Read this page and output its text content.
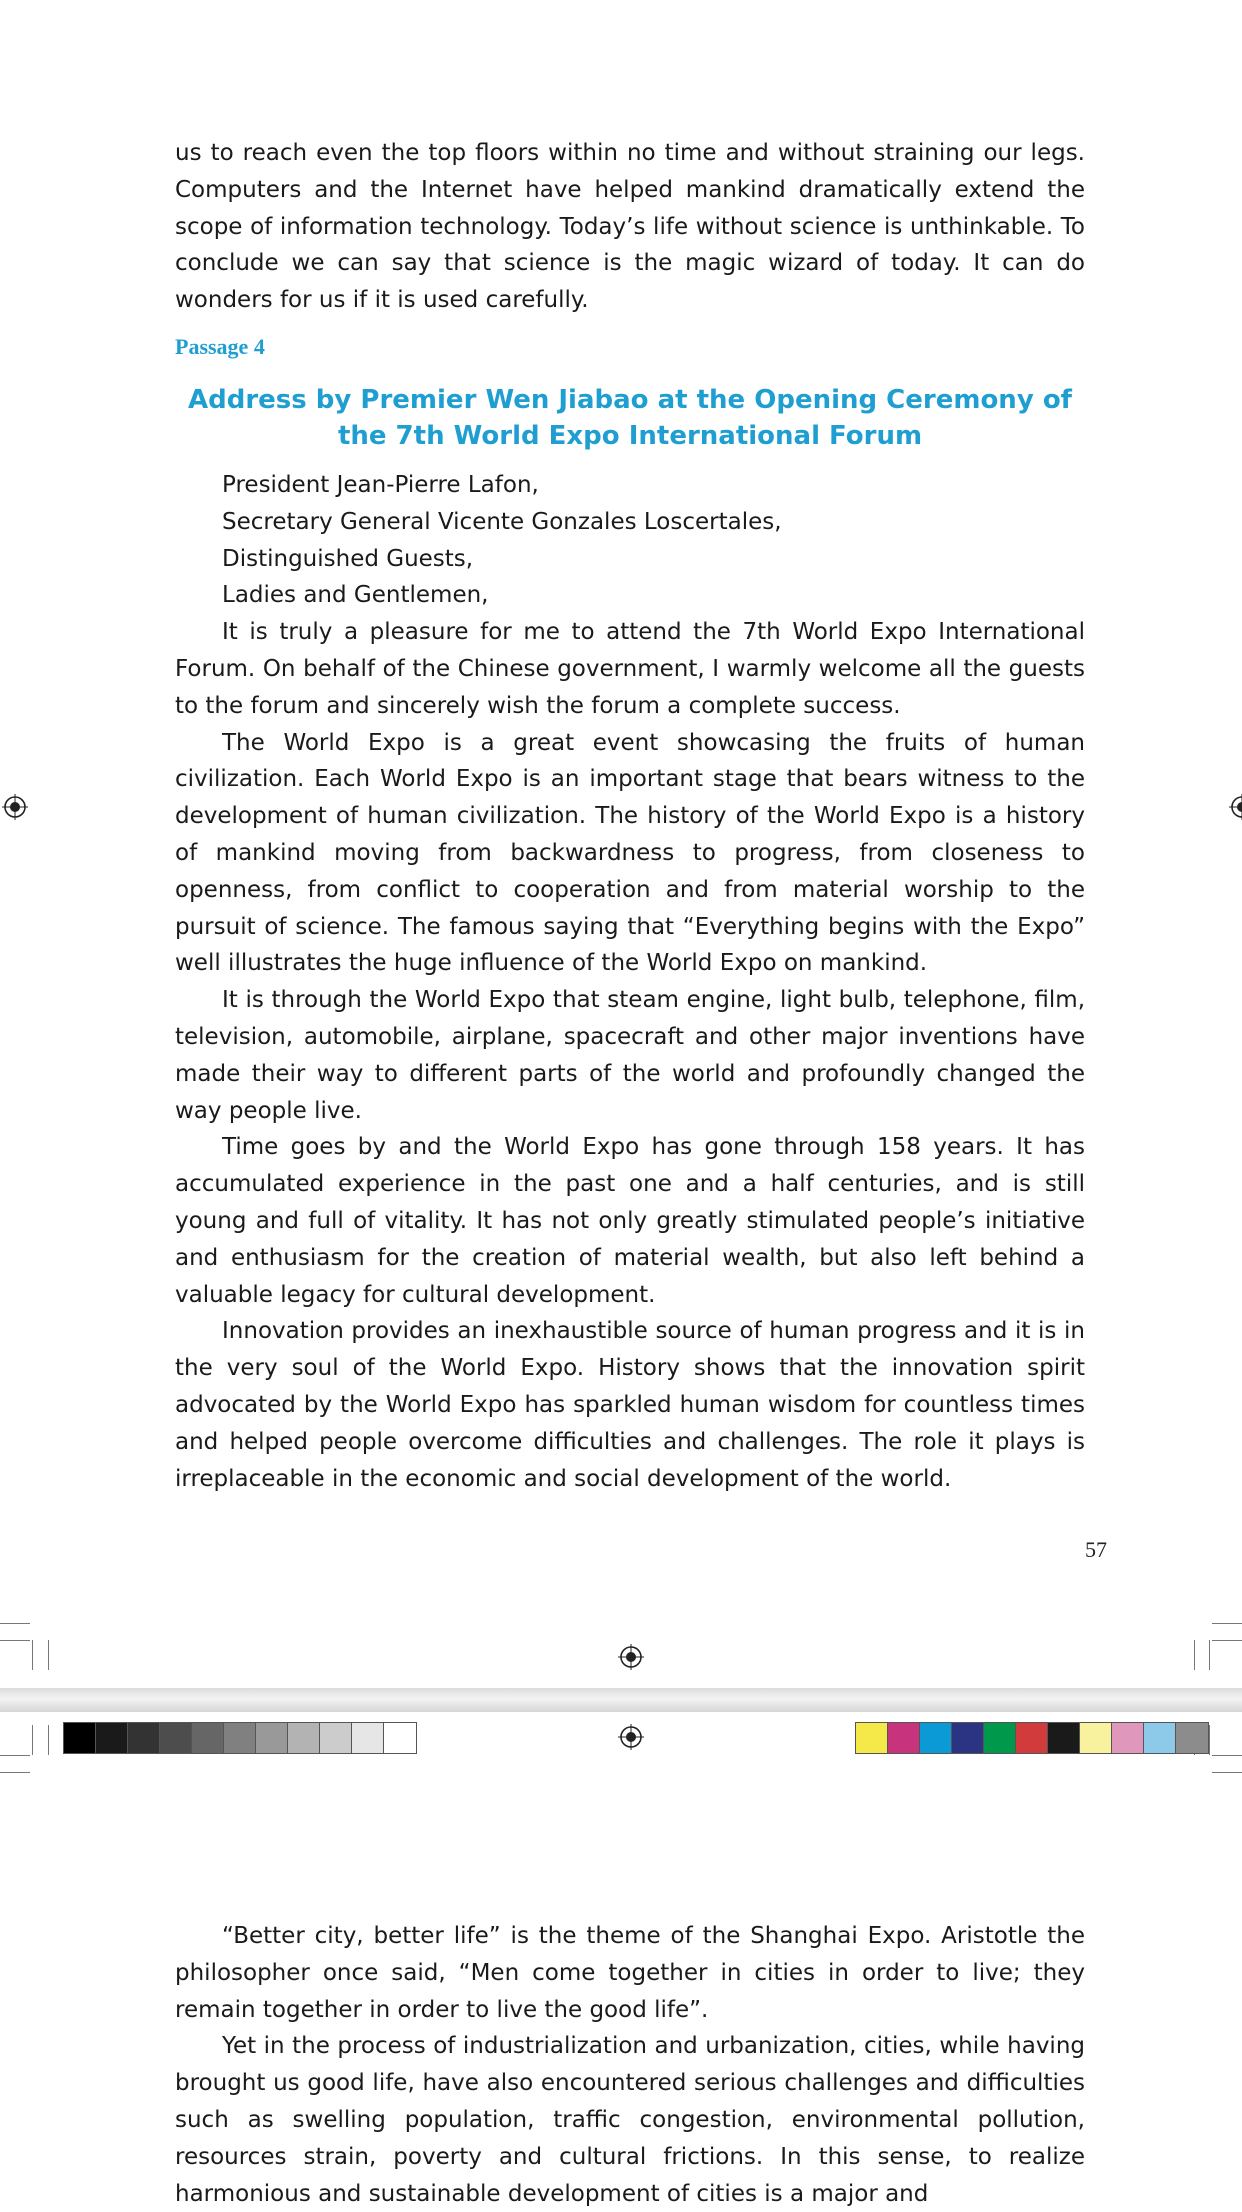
us to reach even the top floors within no time and without straining our legs. Computers and the Internet have helped mankind dramatically extend the scope of information technology. Today’s life without science is unthinkable. To conclude we can say that science is the magic wizard of today. It can do wonders for us if it is used carefully.

Passage 4

Address by Premier Wen Jiabao at the Opening Ceremony of
the 7th World Expo International Forum

President Jean-Pierre Lafon,

Secretary General Vicente Gonzales Loscertales,

Distinguished Guests,

Ladies and Gentlemen,

It is truly a pleasure for me to attend the 7th World Expo International Forum. On behalf of the Chinese government, I warmly welcome all the guests to the forum and sincerely wish the forum a complete success.

The World Expo is a great event showcasing the fruits of human civilization. Each World Expo is an important stage that bears witness to the development of human civilization. The history of the World Expo is a history of mankind moving from backwardness to progress, from closeness to openness, from conflict to cooperation and from material worship to the pursuit of science. The famous saying that “Everything begins with the Expo” well illustrates the huge influence of the World Expo on mankind.

It is through the World Expo that steam engine, light bulb, telephone, film, television, automobile, airplane, spacecraft and other major inventions have made their way to different parts of the world and profoundly changed the way people live.

Time goes by and the World Expo has gone through 158 years. It has accumulated experience in the past one and a half centuries, and is still young and full of vitality. It has not only greatly stimulated people’s initiative and enthusiasm for the creation of material wealth, but also left behind a valuable legacy for cultural development.

Innovation provides an inexhaustible source of human progress and it is in the very soul of the World Expo. History shows that the innovation spirit advocated by the World Expo has sparkled human wisdom for countless times and helped people overcome difficulties and challenges. The role it plays is irreplaceable in the economic and social development of the world.

57

“Better city, better life” is the theme of the Shanghai Expo. Aristotle the philosopher once said, “Men come together in cities in order to live; they remain together in order to live the good life”.

Yet in the process of industrialization and urbanization, cities, while having brought us good life, have also encountered serious challenges and difficulties such as swelling population, traffic congestion, environmental pollution, resources strain, poverty and cultural frictions. In this sense, to realize harmonious and sustainable development of cities is a major and
